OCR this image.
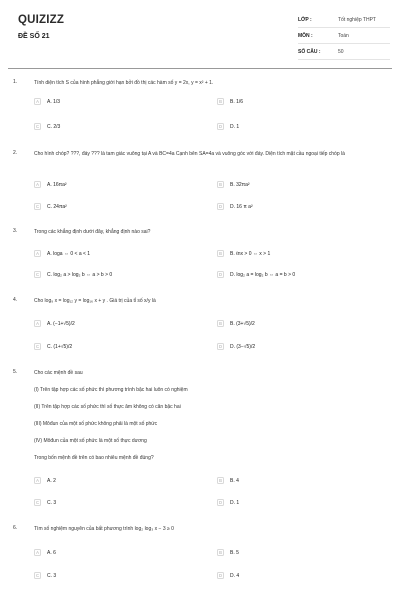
QUIZIZZ
ĐỀ SỐ 21
LỚP :	Tốt nghiệp THPT
MÔN :	Toán
SỐ CÂU :	50
1.	Tính diện tích S của hình phẳng giới hạn bởi đồ thị các hàm số y = 2x, y = x² + 1.
A	A. 1/3	B	B. 1/6
C	C. 2/3	D	D. 1
2.	Cho hình chóp? ???, đáy ??? là tam giác vuông tại A và BC=4a Cạnh bên SA=4a và vuông góc với đáy. Diện tích mặt cầu ngoại tiếp chóp là
A	A. 16πa²	B	B. 32πa²
C	C. 24πa²	D	D. 16 π a²
3.	Trong các khẳng định dưới đây, khẳng định nào sai?
A	A. loga ⇔ 0 < a < 1	B	B. ℓnx > 0 ⇔ x > 1
C	C. log₂ a > log₂ b ⇔ a > b > 0	D	D. log₂ a = log₂ b ⇔ a = b > 0
4.	Cho log₉ x = log₁₂ y = log₁₆ x + y . Giá trị của tỉ số x/y là
A	A. (−1+√5)/2	B	B. (3+√5)/2
C	C. (1+√5)/2	D	D. (3−√5)/2
5.	Cho các mệnh đề sau
(I) Trên tập hợp các số phức thì phương trình bậc hai luôn có nghiệm
(II) Trên tập hợp các số phức thì số thực âm không có căn bậc hai
(III) Môđun của một số phức không phải là một số phức
(IV) Môđun của một số phức là một số thực dương
Trong bốn mệnh đề trên có bao nhiêu mệnh đề đúng?
A	A. 2	B	B. 4
C	C. 3	D	D. 1
6.	Tìm số nghiệm nguyên của bất phương trình log₂ log₃ x − 3 ≥ 0
A	A. 6	B	B. 5
C	C. 3	D	D. 4
